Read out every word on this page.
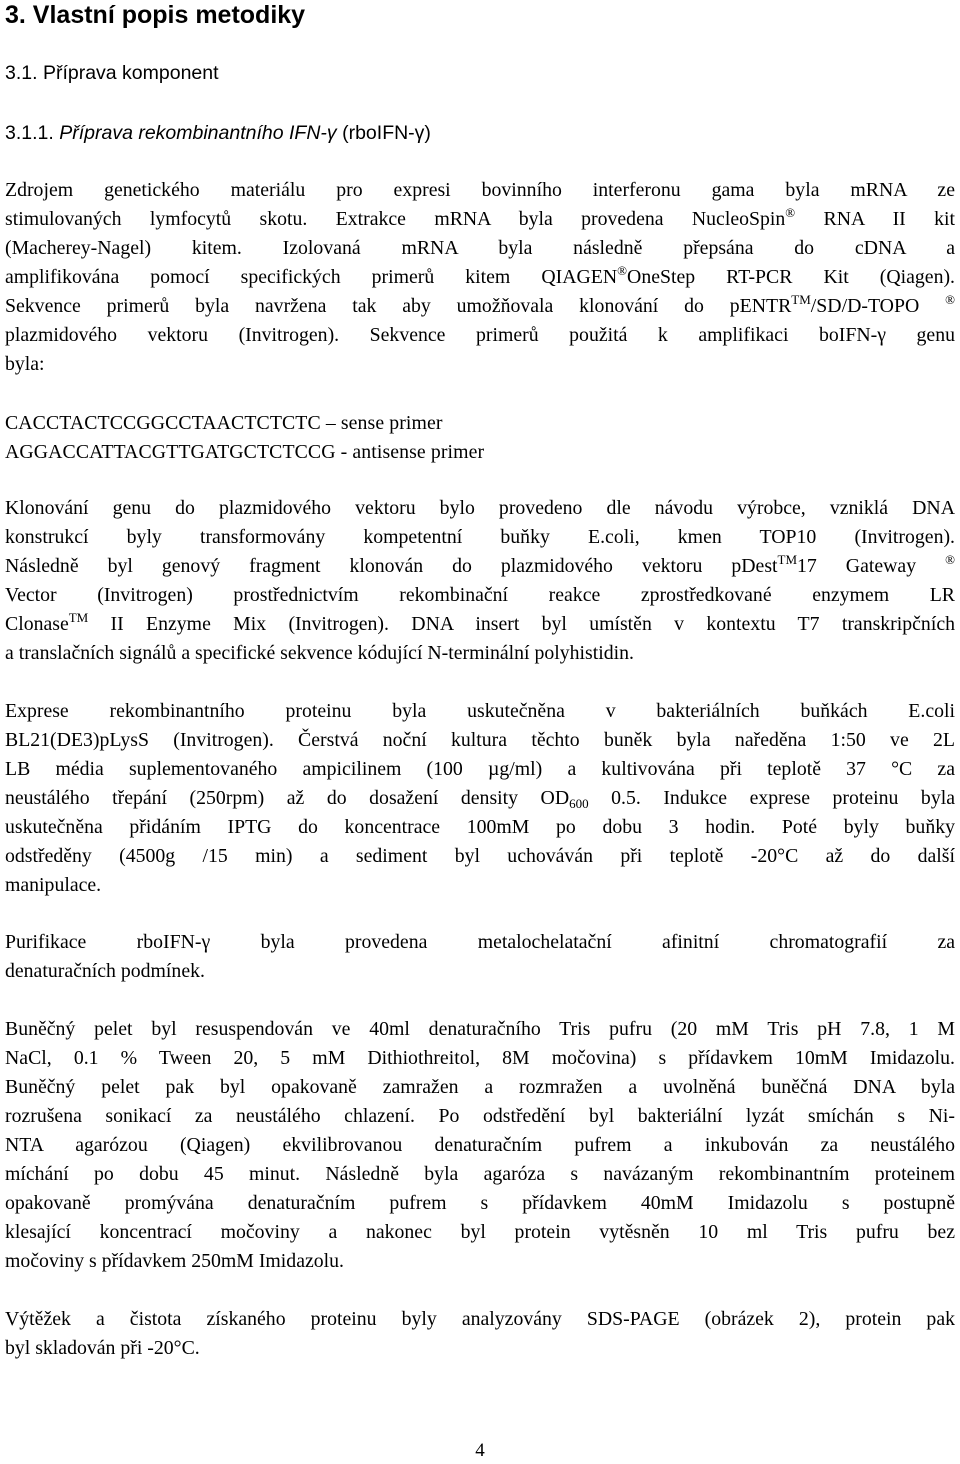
3. Vlastní popis metodiky
3.1. Příprava komponent
3.1.1. Příprava rekombinantního IFN-γ (rboIFN-γ)
Zdrojem genetického materiálu pro expresi bovinního interferonu gama byla mRNA ze
stimulovaných lymfocytů skotu. Extrakce mRNA byla provedena NucleoSpin® RNA II kit
(Macherey-Nagel) kitem. Izolovaná mRNA byla následně přepsána do cDNA a
amplifikována pomocí specifických primerů kitem QIAGEN®OneStep RT-PCR Kit (Qiagen).
Sekvence primerů byla navržena tak aby umožňovala klonování do pENTR™/SD/D-TOPO ®
plazmidového vektoru (Invitrogen). Sekvence primerů použitá k amplifikaci boIFN-γ genu
byla:
CACCTACTCCGGCCTAACTCTCTC – sense primer
AGGACCATTACGTTGATGCTCTCCG - antisense primer
Klonování genu do plazmidového vektoru bylo provedeno dle návodu výrobce, vzniklá DNA
konstrukcí byly transformovány kompetentní buňky E.coli, kmen TOP10 (Invitrogen).
Následně byl genový fragment klonován do plazmidového vektoru pDest™17 Gateway ®
Vector (Invitrogen) prostřednictvím rekombinační reakce zprostředkované enzymem LR
Clonase™ II Enzyme Mix (Invitrogen). DNA insert byl umístěn v kontextu T7 transkripčních
a translačních signálů a specifické sekvence kódující N-terminální polyhistidin.
Exprese rekombinantního proteinu byla uskutečněna v bakteriálních buňkách E.coli
BL21(DE3)pLysS (Invitrogen). Čerstvá noční kultura těchto buněk byla naředěna 1:50 ve 2L
LB média suplementovaného ampicilinem (100 µg/ml) a kultivována při teplotě 37 °C za
neustálého třepání (250rpm) až do dosažení density $OD_{600}$ 0.5. Indukce exprese proteinu byla
uskutečněna přidáním IPTG do koncentrace 100mM po dobu 3 hodin. Poté byly buňky
odstředěny (4500g /15 min) a sediment byl uchováván při teplotě -20°C až do další
manipulace.
Purifikace rboIFN-γ byla provedena metalochelatační afinitní chromatografií za
denaturačních podmínek.
Buněčný pelet byl resuspendován ve 40ml denaturačního Tris pufru (20 mM Tris pH 7.8, 1 M
NaCl, 0.1 % Tween 20, 5 mM Dithiothreitol, 8M močovina) s přídavkem 10mM Imidazolu.
Buněčný pelet pak byl opakovaně zamražen a rozmražen a uvolněná buněčná DNA byla
rozrušena sonikací za neustálého chlazení. Po odstředění byl bakteriální lyzát smíchán s Ni-
NTA agarózou (Qiagen) ekvilibrovanou denaturačním pufrem a inkubován za neustálého
míchání po dobu 45 minut. Následně byla agaróza s navázaným rekombinantním proteinem
opakovaně promývána denaturačním pufrem s přídavkem 40mM Imidazolu s postupně
klesající koncentrací močoviny a nakonec byl protein vytěsněn 10 ml Tris pufru bez
močoviny s přídavkem 250mM Imidazolu.
Výtěžek a čistota získaného proteinu byly analyzovány SDS-PAGE (obrázek 2), protein pak
byl skladován při -20°C.
4
